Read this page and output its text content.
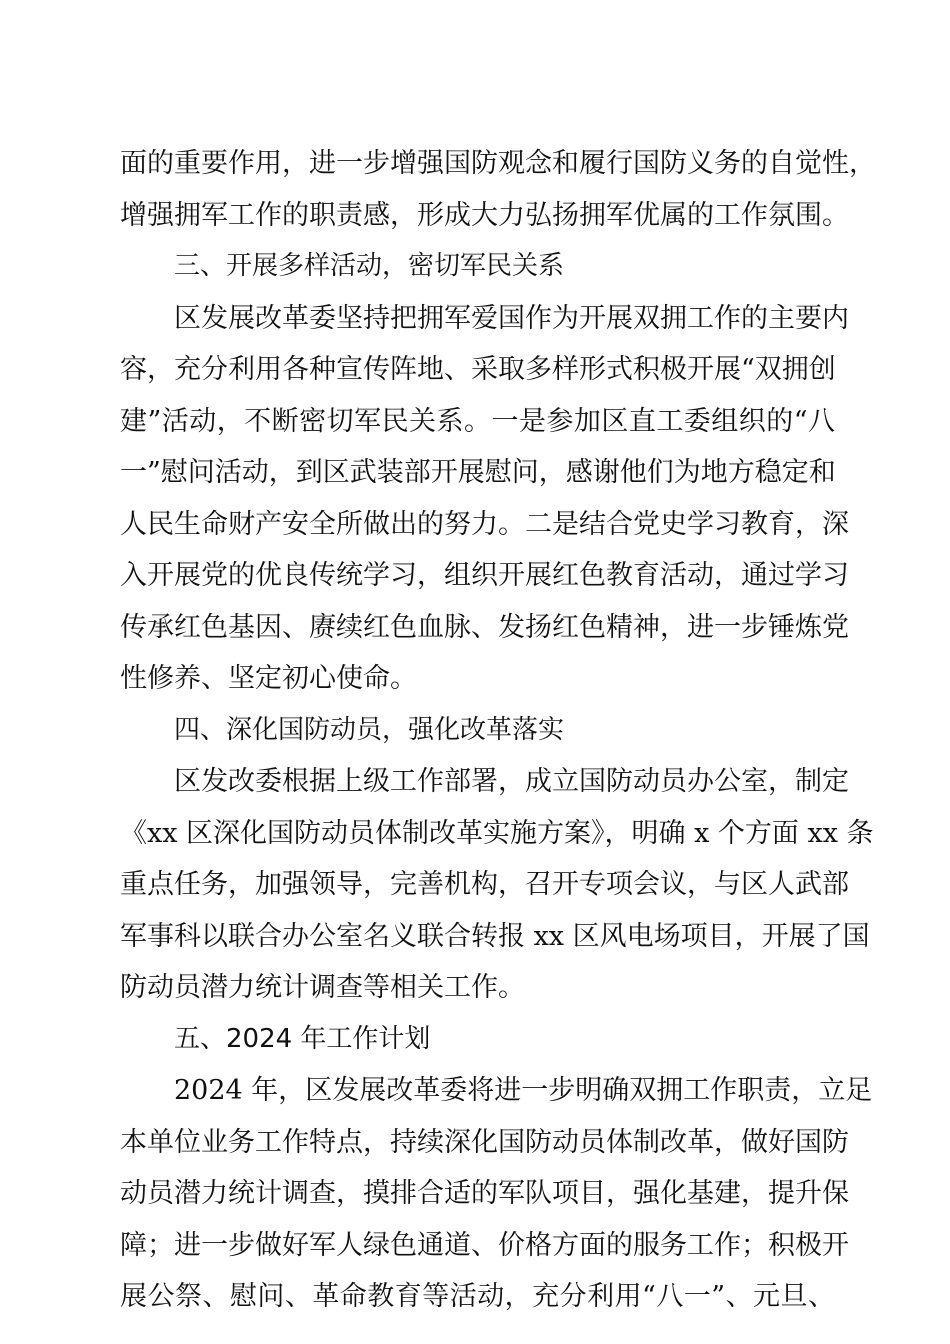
面的重要作用，进一步增强国防观念和履行国防义务的自觉性，
增强拥军工作的职责感，形成大力弘扬拥军优属的工作氛围。
三、开展多样活动，密切军民关系
区发展改革委坚持把拥军爱国作为开展双拥工作的主要内
容，充分利用各种宣传阵地、采取多样形式积极开展“双拥创
建”活动，不断密切军民关系。一是参加区直工委组织的“八
一”慰问活动，到区武装部开展慰问，感谢他们为地方稳定和
人民生命财产安全所做出的努力。二是结合党史学习教育，深
入开展党的优良传统学习，组织开展红色教育活动，通过学习
传承红色基因、赓续红色血脉、发扬红色精神，进一步锤炼党
性修养、坚定初心使命。
四、深化国防动员，强化改革落实
区发改委根据上级工作部署，成立国防动员办公室，制定
《xx 区深化国防动员体制改革实施方案》，明确 x 个方面 xx 条
重点任务，加强领导，完善机构，召开专项会议，与区人武部
军事科以联合办公室名义联合转报 xx 区风电场项目，开展了国
防动员潜力统计调查等相关工作。
五、2024 年工作计划
2024 年，区发展改革委将进一步明确双拥工作职责，立足
本单位业务工作特点，持续深化国防动员体制改革，做好国防
动员潜力统计调查，摸排合适的军队项目，强化基建，提升保
障；进一步做好军人绿色通道、价格方面的服务工作；积极开
展公祭、慰问、革命教育等活动，充分利用“八一”、元旦、
